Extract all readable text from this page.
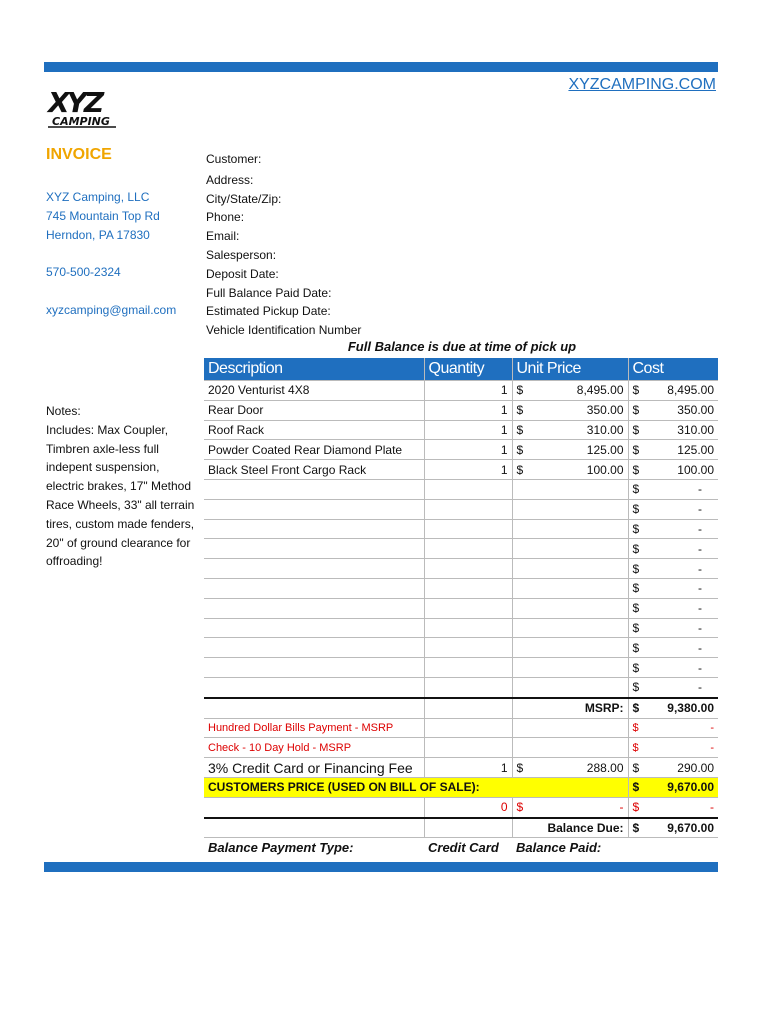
XYZCAMPING.COM
XYZ
CAMPING
INVOICE
XYZ Camping, LLC
745 Mountain Top Rd
Herndon, PA 17830
570-500-2324
xyzcamping@gmail.com
Customer:
Address:
City/State/Zip:
Phone:
Email:
Salesperson:
Deposit Date:
Full Balance Paid Date:
Estimated Pickup Date:
Vehicle Identification Number
Notes:
Includes: Max Coupler, Timbren axle-less full indepent suspension, electric brakes, 17" Method Race Wheels, 33" all terrain tires, custom made fenders, 20" of ground clearance for offroading!
Full Balance is due at time of pick up
Description	Quantity	Unit Price	Cost
2020 Venturist 4X8	1	$ 8,495.00	$ 8,495.00

Rear Door	1	$ 350.00	$ 350.00

Roof Rack	1	$ 310.00	$ 310.00

Powder Coated Rear Diamond Plate	1	$ 125.00	$ 125.00

Black Steel Front Cargo Rack	1	$ 100.00	$ 100.00

			$ -

			$ -

			$ -

			$ -

			$ -

			$ -

			$ -

			$ -

			$ -

			$ -

			$ -

		MSRP:	$ 9,380.00

Hundred Dollar Bills Payment - MSRP			$ -

Check - 10 Day Hold - MSRP			$ -

3% Credit Card or Financing Fee	1	$ 288.00	$ 290.00

CUSTOMERS PRICE (USED ON BILL OF SALE):			$ 9,670.00

	0	$ -	$ -

		Balance Due:	$ 9,670.00

Balance Payment Type:	Credit Card	Balance Paid:	
